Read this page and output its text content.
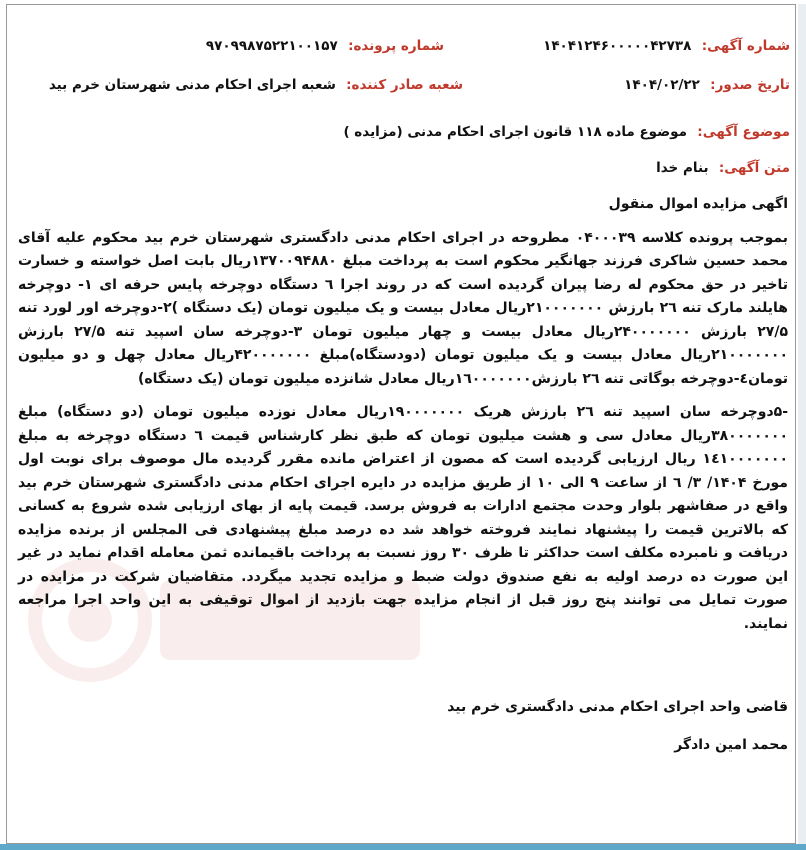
شماره آگهی: ۱۴۰۴۱۲۴۶۰۰۰۰۰۴۲۷۳۸
شماره پرونده: ۹۷۰۹۹۸۷۵۲۲۱۰۰۱۵۷
تاریخ صدور: ۱۴۰۴/۰۲/۲۲
شعبه صادر کننده: شعبه اجرای احکام مدنی شهرستان خرم بید
موضوع آگهی: موضوع ماده ۱۱۸ قانون اجرای احکام مدنی (مزایده )
متن آگهی: بنام خدا

اگهی مزایده اموال منقول

بموجب پرونده کلاسه ۰۴۰۰۰۳۹ مطروحه در اجرای احکام مدنی دادگستری شهرستان خرم بید محکوم علیه آقای محمد حسین شاکری فرزند جهانگیر محکوم است به پرداخت مبلغ ۱۳۷۰۰۹۴۸۸۰ریال بابت اصل خواسته و خسارت تاخیر در حق محکوم له رضا پیران گردیده است که در روند اجرا ٦ دستگاه دوچرخه پایس حرفه ای ۱- دوچرخه هایلند مارک تنه ۲٦ بارزش ۲۱۰۰۰۰۰۰۰ریال معادل بیست و یک میلیون تومان (یک دستگاه )۲-دوچرخه اور لورد تنه ۲۷/۵ بارزش ۲۴۰۰۰۰۰۰۰ریال معادل بیست و چهار میلیون تومان ۳-دوچرخه سان اسپید تنه ۲۷/۵ بارزش ۲۱۰۰۰۰۰۰۰ریال معادل بیست و یک میلیون تومان (دودستگاه)مبلغ ۴۲۰۰۰۰۰۰۰ریال معادل چهل و دو میلیون تومان٤-دوچرخه بوگاتی تنه ۲٦ بارزش۱٦۰۰۰۰۰۰۰ریال معادل شانزده میلیون تومان (یک دستگاه)

-۵دوچرخه سان اسپید تنه ۲٦ بارزش هریک ۱۹۰۰۰۰۰۰۰ریال معادل نوزده میلیون تومان (دو دستگاه) مبلغ ۳۸۰۰۰۰۰۰۰ریال معادل سی و هشت میلیون تومان که طبق نظر کارشناس قیمت ٦ دستگاه دوچرخه به مبلغ ۱٤۱۰۰۰۰۰۰۰ ریال ارزیابی گردیده است که مصون از اعتراض مانده مقرر گردیده مال موصوف برای نوبت اول مورخ ۱۴۰۴/ ۳/ ٦ از ساعت ۹ الی ۱۰ از طریق مزایده در دایره اجرای احکام مدنی دادگستری شهرستان خرم بید واقع در صفاشهر بلوار وحدت مجتمع ادارات به فروش برسد. قیمت پایه از بهای ارزیابی شده شروع به کسانی که بالاترین قیمت را پیشنهاد نمایند فروخته خواهد شد ده درصد مبلغ پیشنهادی فی المجلس از برنده مزایده دریافت و نامبرده مکلف است حداکثر تا ظرف ۳۰ روز نسبت به پرداخت باقیمانده ثمن معامله اقدام نماید در غیر این صورت ده درصد اولیه به نفع صندوق دولت ضبط و مزایده تجدید میگردد. متقاضیان شرکت در مزایده در صورت تمایل می توانند پنج روز قبل از انجام مزایده جهت بازدید از اموال توقیفی به این واحد اجرا مراجعه نمایند.

قاضی واحد اجرای احکام مدنی دادگستری خرم بید
محمد امین دادگر
